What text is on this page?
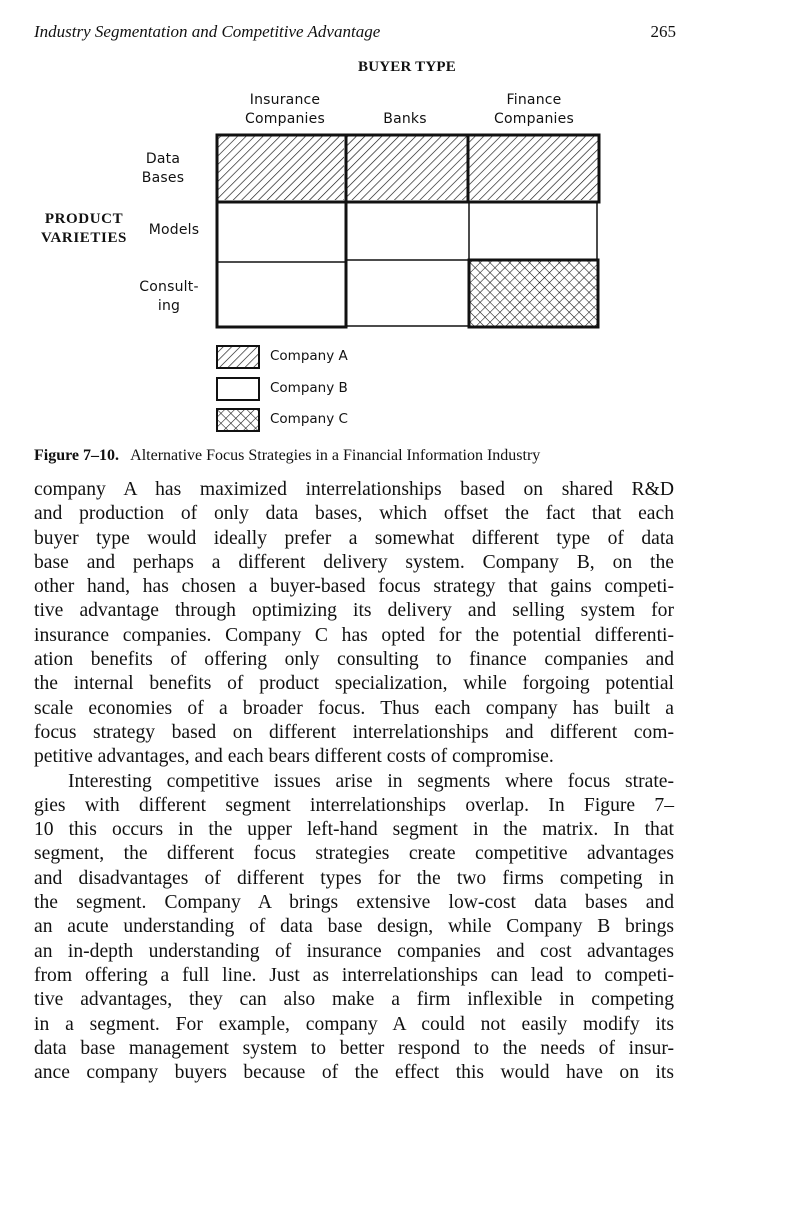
Industry Segmentation and Competitive Advantage	265
BUYER TYPE
Insurance
Companies	Banks
Finance
Companies
PRODUCT
VARIETIES
Data
Bases
Models
Consult-
ing
Company A
Company B
Company C
Figure 7–10. Alternative Focus Strategies in a Financial Information Industry

company A has maximized interrelationships based on shared R&D

and production of only data bases, which offset the fact that each

buyer type would ideally prefer a somewhat different type of data

base and perhaps a different delivery system. Company B, on the

other hand, has chosen a buyer-based focus strategy that gains competi-

tive advantage through optimizing its delivery and selling system for

insurance companies. Company C has opted for the potential differenti-

ation benefits of offering only consulting to finance companies and

the internal benefits of product specialization, while forgoing potential

scale economies of a broader focus. Thus each company has built a

focus strategy based on different interrelationships and different com-

petitive advantages, and each bears different costs of compromise.

Interesting competitive issues arise in segments where focus strate-

gies with different segment interrelationships overlap. In Figure 7–

10 this occurs in the upper left-hand segment in the matrix. In that

segment, the different focus strategies create competitive advantages

and disadvantages of different types for the two firms competing in

the segment. Company A brings extensive low-cost data bases and

an acute understanding of data base design, while Company B brings

an in-depth understanding of insurance companies and cost advantages

from offering a full line. Just as interrelationships can lead to competi-

tive advantages, they can also make a firm inflexible in competing

in a segment. For example, company A could not easily modify its

data base management system to better respond to the needs of insur-

ance company buyers because of the effect this would have on its
